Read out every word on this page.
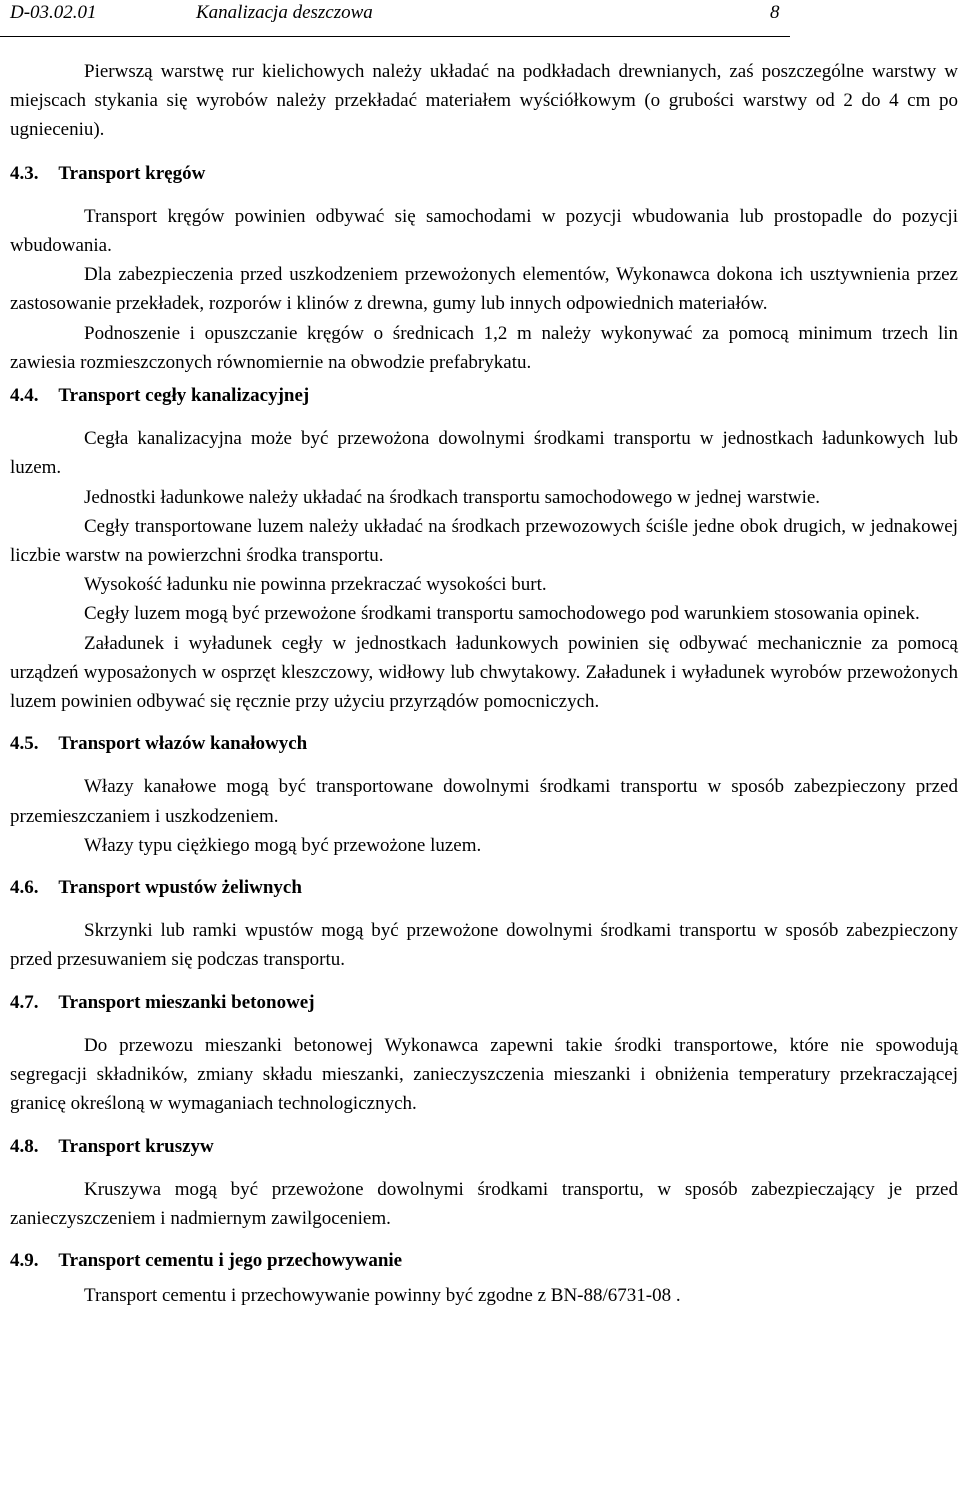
D-03.02.01	Kanalizacja deszczowa	8

Pierwszą warstwę rur kielichowych należy układać na podkładach drewnianych, zaś poszczególne warstwy w miejscach stykania się wyrobów należy przekładać materiałem wyściółkowym (o grubości warstwy od 2 do 4 cm po ugnieceniu).

4.3. Transport kręgów

Transport kręgów powinien odbywać się samochodami w pozycji wbudowania lub prostopadle do pozycji wbudowania.

Dla zabezpieczenia przed uszkodzeniem przewożonych elementów, Wykonawca dokona ich usztywnienia przez zastosowanie przekładek, rozporów i klinów z drewna, gumy lub innych odpowiednich materiałów.

Podnoszenie i opuszczanie kręgów o średnicach 1,2 m należy wykonywać za pomocą minimum trzech lin zawiesia rozmieszczonych równomiernie na obwodzie prefabrykatu.

4.4. Transport cegły kanalizacyjnej

Cegła kanalizacyjna może być przewożona dowolnymi środkami transportu w jednostkach ładunkowych lub luzem.

Jednostki ładunkowe należy układać na środkach transportu samochodowego w jednej warstwie.

Cegły transportowane luzem należy układać na środkach przewozowych ściśle jedne obok drugich, w jednakowej liczbie warstw na powierzchni środka transportu.

Wysokość ładunku nie powinna przekraczać wysokości burt.

Cegły luzem mogą być przewożone środkami transportu samochodowego pod warunkiem stosowania opinek.

Załadunek i wyładunek cegły w jednostkach ładunkowych powinien się odbywać mechanicznie za pomocą urządzeń wyposażonych w osprzęt kleszczowy, widłowy lub chwytakowy. Załadunek i wyładunek wyrobów przewożonych luzem powinien odbywać się ręcznie przy użyciu przyrządów pomocniczych.

4.5. Transport włazów kanałowych

Włazy kanałowe mogą być transportowane dowolnymi środkami transportu w sposób zabezpieczony przed przemieszczaniem i uszkodzeniem.

Włazy typu ciężkiego mogą być przewożone luzem.

4.6. Transport wpustów żeliwnych

Skrzynki lub ramki wpustów mogą być przewożone dowolnymi środkami transportu w sposób zabezpieczony przed przesuwaniem się podczas transportu.

4.7. Transport mieszanki betonowej

Do przewozu mieszanki betonowej Wykonawca zapewni takie środki transportowe, które nie spowodują segregacji składników, zmiany składu mieszanki, zanieczyszczenia mieszanki i obniżenia temperatury przekraczającej granicę określoną w wymaganiach technologicznych.

4.8. Transport kruszyw

Kruszywa mogą być przewożone dowolnymi środkami transportu, w sposób zabezpieczający je przed zanieczyszczeniem i nadmiernym zawilgoceniem.

4.9. Transport cementu i jego przechowywanie

Transport cementu i przechowywanie powinny być zgodne z BN-88/6731-08 .
